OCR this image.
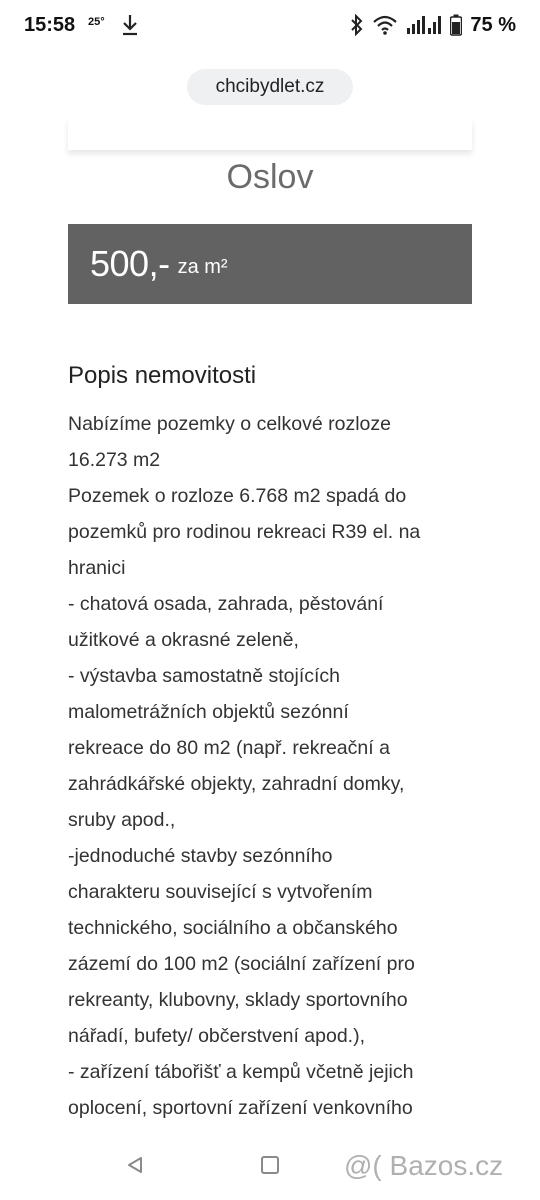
15:58 25°	75 %
chcibydlet.cz
Oslov
500,- za m²
Popis nemovitosti
Nabízíme pozemky o celkové rozloze
16.273 m2
Pozemek o rozloze 6.768 m2 spadá do
pozemků pro rodinou rekreaci R39 el. na
hranici
- chatová osada, zahrada, pěstování
užitkové a okrasné zeleně,
- výstavba samostatně stojících
malometrážních objektů sezónní
rekreace do 80 m2 (např. rekreační a
zahrádkářské objekty, zahradní domky,
sruby apod.,
-jednoduché stavby sezónního
charakteru související s vytvořením
technického, sociálního a občanského
zázemí do 100 m2 (sociální zařízení pro
rekreanty, klubovny, sklady sportovního
nářadí, bufety/ občerstvení apod.),
- zařízení tábořišť a kempů včetně jejich
oplocení, sportovní zařízení venkovního
@( Bazos.cz
